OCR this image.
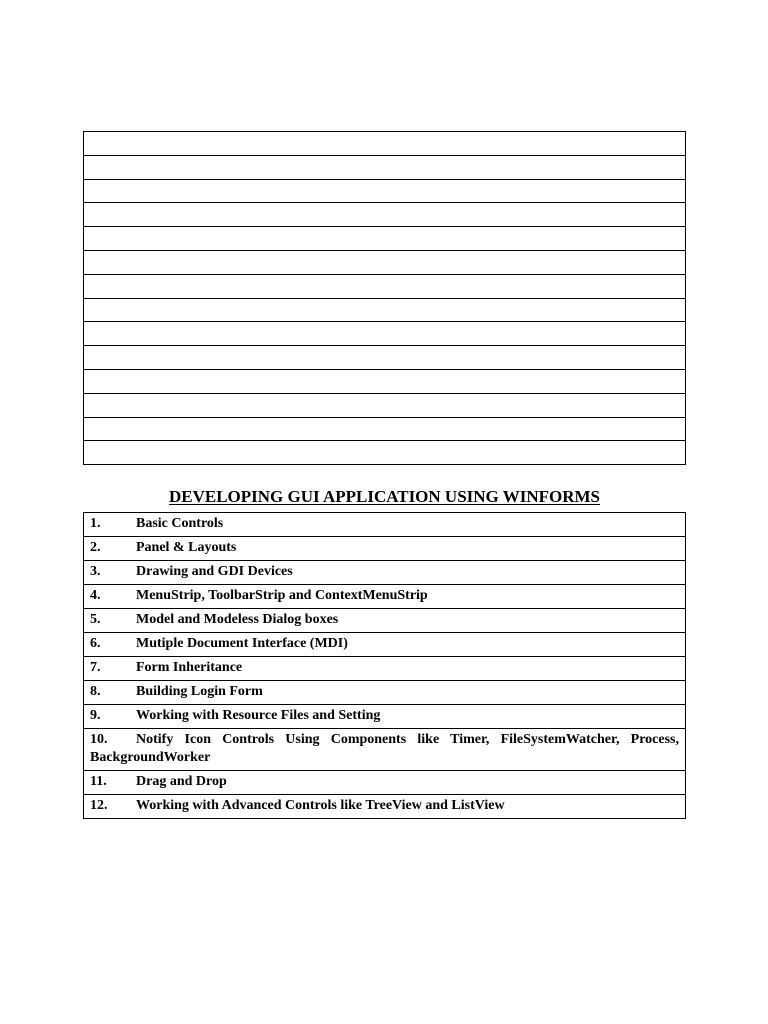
DEVELOPING GUI APPLICATION USING WINFORMS
1.	Basic Controls
2.	Panel & Layouts
3.	Drawing and GDI Devices
4.	MenuStrip, ToolbarStrip and ContextMenuStrip
5.	Model and Modeless Dialog boxes
6.	Mutiple Document Interface (MDI)
7.	Form Inheritance
8.	Building Login Form
9.	Working with Resource Files and Setting
10. Notify Icon Controls Using Components like Timer, FileSystemWatcher, Process, BackgroundWorker
11. Drag and Drop
12. Working with Advanced Controls like TreeView and ListView
